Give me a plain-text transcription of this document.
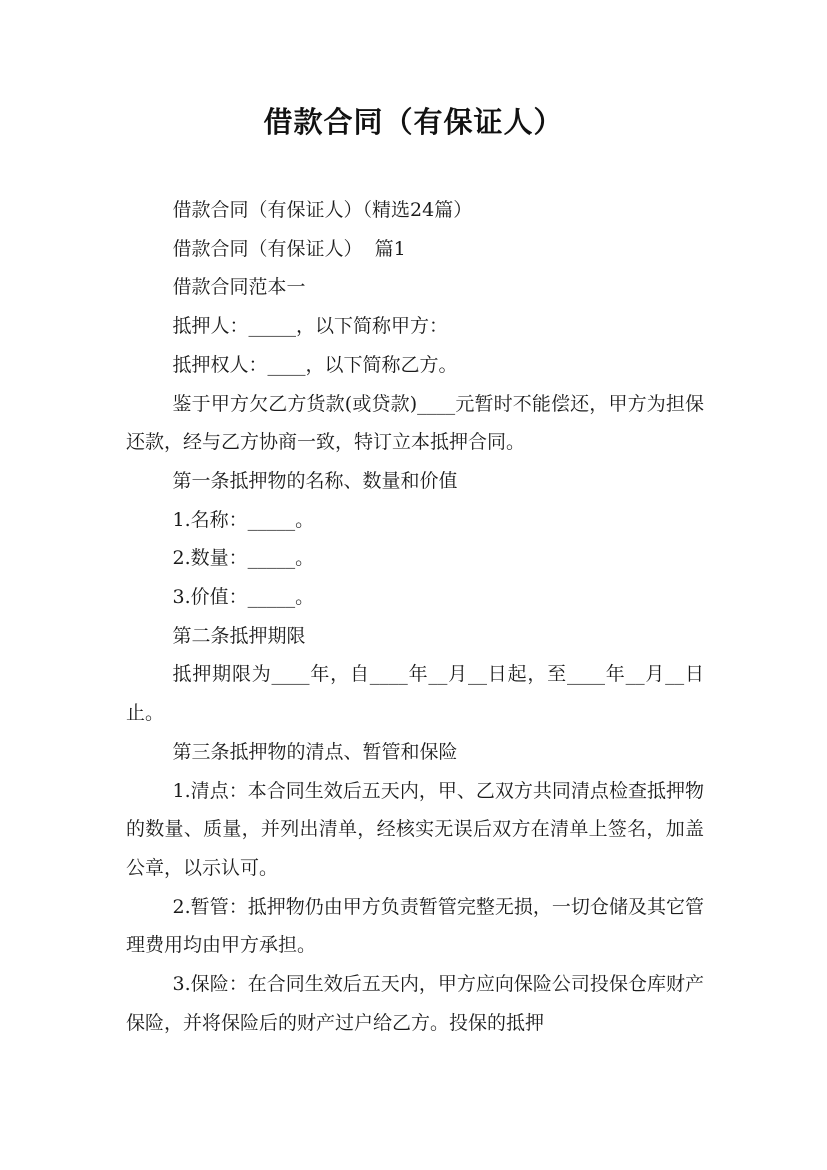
借款合同（有保证人）

借款合同（有保证人）（精选24篇）

借款合同（有保证人）  篇1

借款合同范本一

抵押人：_____，以下简称甲方：

抵押权人：____，以下简称乙方。

鉴于甲方欠乙方货款(或贷款)____元暂时不能偿还，甲方为担保还款，经与乙方协商一致，特订立本抵押合同。

第一条抵押物的名称、数量和价值

1.名称：_____。

2.数量：_____。

3.价值：_____。

第二条抵押期限

抵押期限为____年，自____年__月__日起，至____年__月__日止。

第三条抵押物的清点、暂管和保险

1.清点：本合同生效后五天内，甲、乙双方共同清点检查抵押物的数量、质量，并列出清单，经核实无误后双方在清单上签名，加盖公章，以示认可。

2.暂管：抵押物仍由甲方负责暂管完整无损，一切仓储及其它管理费用均由甲方承担。

3.保险：在合同生效后五天内，甲方应向保险公司投保仓库财产保险，并将保险后的财产过户给乙方。投保的抵押
